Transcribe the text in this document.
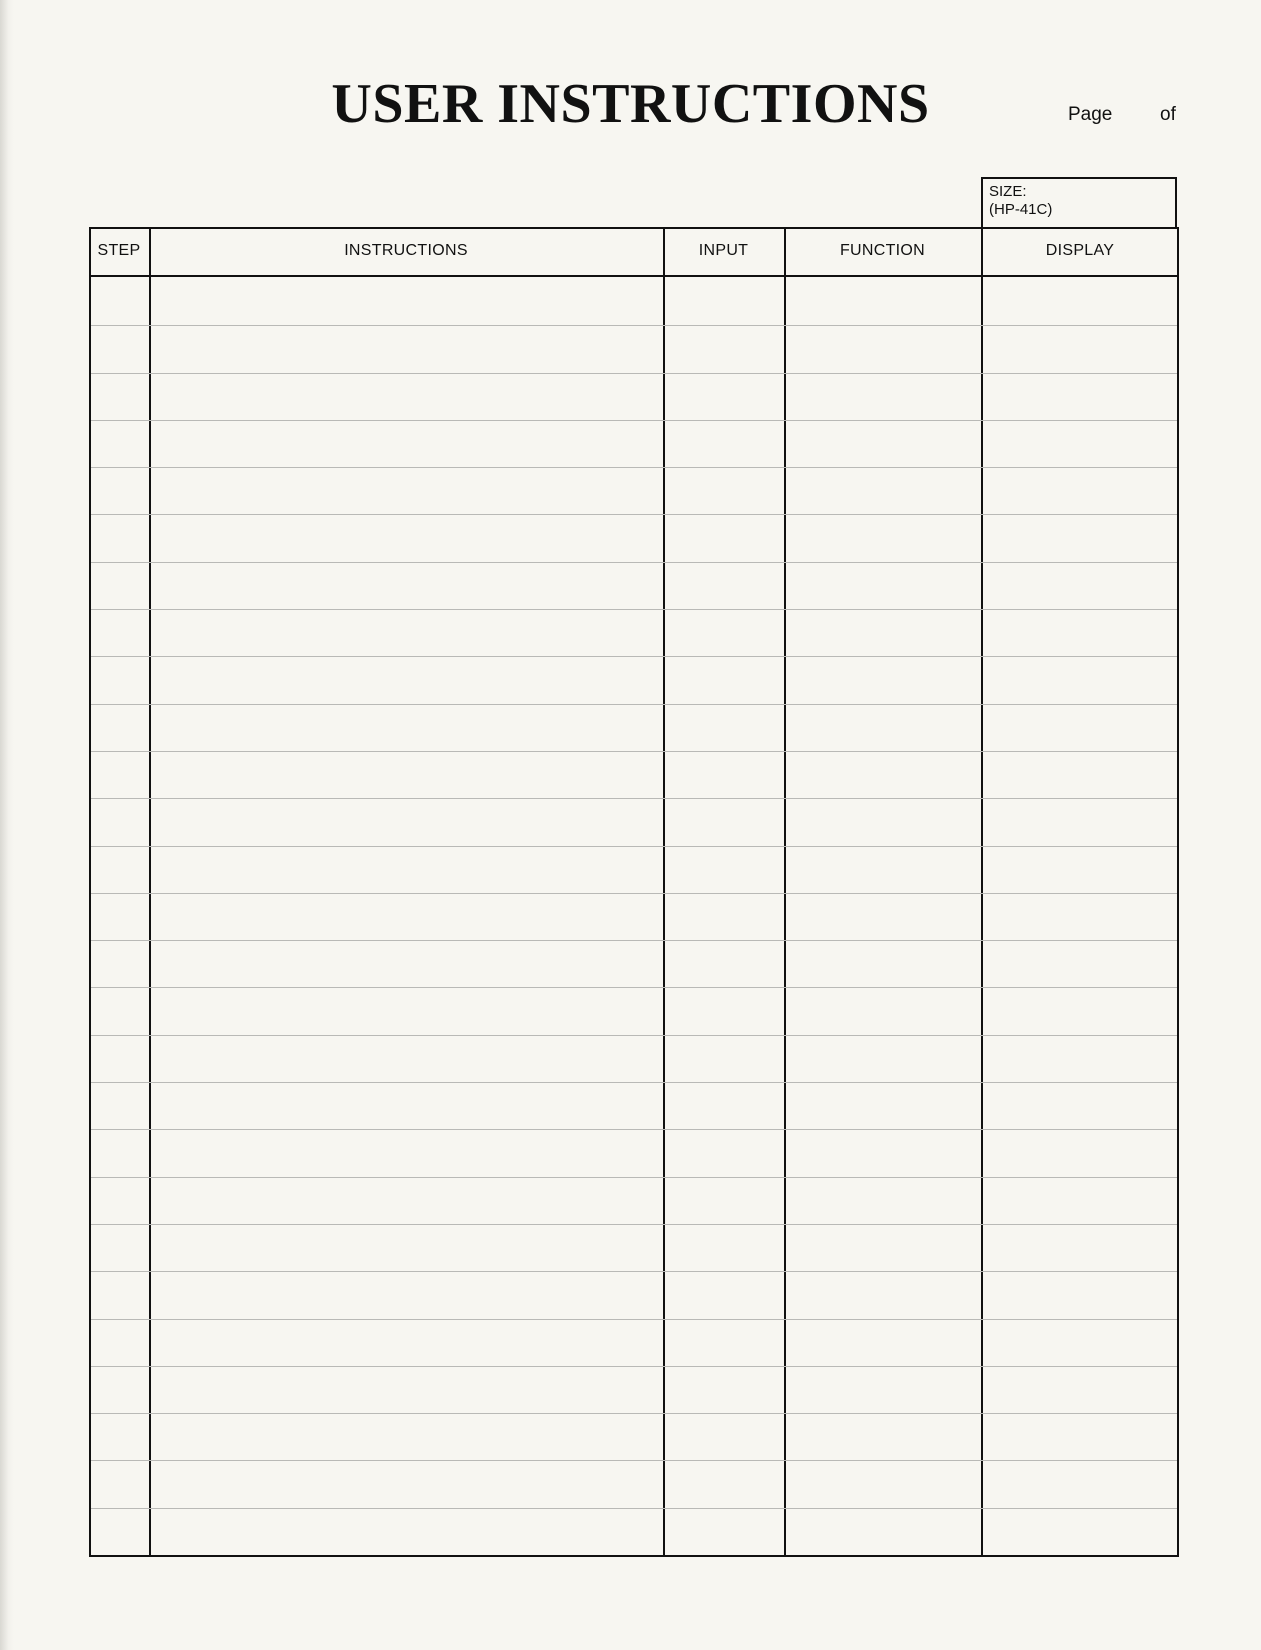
USER INSTRUCTIONS	Page	of
SIZE:
(HP-41C)
STEP	INSTRUCTIONS	INPUT	FUNCTION	DISPLAY
